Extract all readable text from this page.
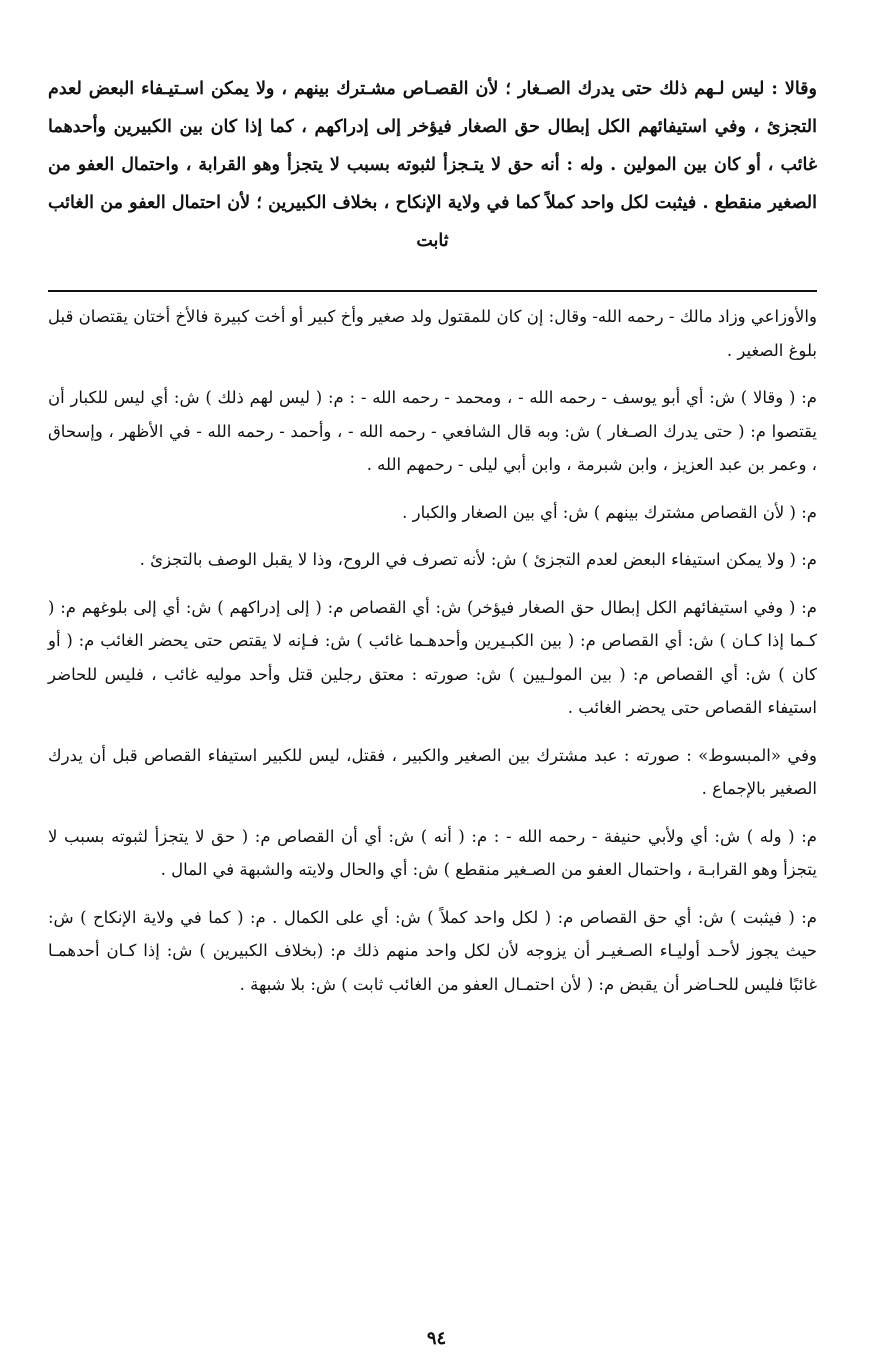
وقالا : ليس لـهم ذلك حتى يدرك الصـغار ؛ لأن القصـاص مشـترك بينهم ، ولا يمكن اسـتيـفاء البعض لعدم التجزئ ، وفي استيفائهم الكل إبطال حق الصغار فيؤخر إلى إدراكهم ، كما إذا كان بين الكبيرين وأحدهما غائب ، أو كان بين المولين . وله : أنه حق لا يتـجزأ لثبوته بسبب لا يتجزأ وهو القرابة ، واحتمال العفو من الصغير منقطع . فيثبت لكل واحد كملاً كما في ولاية الإنكاح ، بخلاف الكبيرين ؛ لأن احتمال العفو من الغائب ثابت

والأوزاعي وزاد مالك - رحمه الله- وقال: إن كان للمقتول ولد صغير وأخ كبير أو أخت كبيرة فالأخ أختان يقتصان قبل بلوغ الصغير .

م: ( وقالا ) ش: أي أبو يوسف - رحمه الله - ، ومحمد - رحمه الله - : م: ( ليس لهم ذلك ) ش: أي ليس للكبار أن يقتصوا م: ( حتى يدرك الصـغار ) ش: وبه قال الشافعي - رحمه الله - ، وأحمد - رحمه الله - في الأظهر ، وإسحاق ، وعمر بن عبد العزيز ، وابن شبرمة ، وابن أبي ليلى - رحمهم الله .

م: ( لأن القصاص مشترك بينهم ) ش: أي بين الصغار والكبار .

م: ( ولا يمكن استيفاء البعض لعدم التجزئ ) ش: لأنه تصرف في الروح، وذا لا يقبل الوصف بالتجزئ .

م: ( وفي استيفائهم الكل إبطال حق الصغار فيؤخر) ش: أي القصاص م: ( إلى إدراكهم ) ش: أي إلى بلوغهم م: ( كـما إذا كـان ) ش: أي القصاص م: ( بين الكبـيرين وأحدهـما غائب ) ش: فـإنه لا يقتص حتى يحضر الغائب م: ( أو كان ) ش: أي القصاص م: ( بين المولـيين ) ش: صورته : معتق رجلين قتل وأحد موليه غائب ، فليس للحاضر استيفاء القصاص حتى يحضر الغائب .

وفي «المبسوط» : صورته : عبد مشترك بين الصغير والكبير ، فقتل، ليس للكبير استيفاء القصاص قبل أن يدرك الصغير بالإجماع .

م: ( وله ) ش: أي ولأبي حنيفة - رحمه الله - : م: ( أنه ) ش: أي أن القصاص م: ( حق لا يتجزأ لثبوته بسبب لا يتجزأ وهو القرابـة ، واحتمال العفو من الصـغير منقطع ) ش: أي والحال ولايته والشبهة في المال .

م: ( فيثبت ) ش: أي حق القصاص م: ( لكل واحد كملاً ) ش: أي على الكمال . م: ( كما في ولاية الإنكاح ) ش: حيث يجوز لأحـد أوليـاء الصـغيـر أن يزوجه لأن لكل واحد منهم ذلك م: (بخلاف الكبيرين ) ش: إذا كـان أحدهمـا غائبًا فليس للحـاضر أن يقبض م: ( لأن احتمـال العفو من الغائب ثابت ) ش: بلا شبهة .

٩٤
